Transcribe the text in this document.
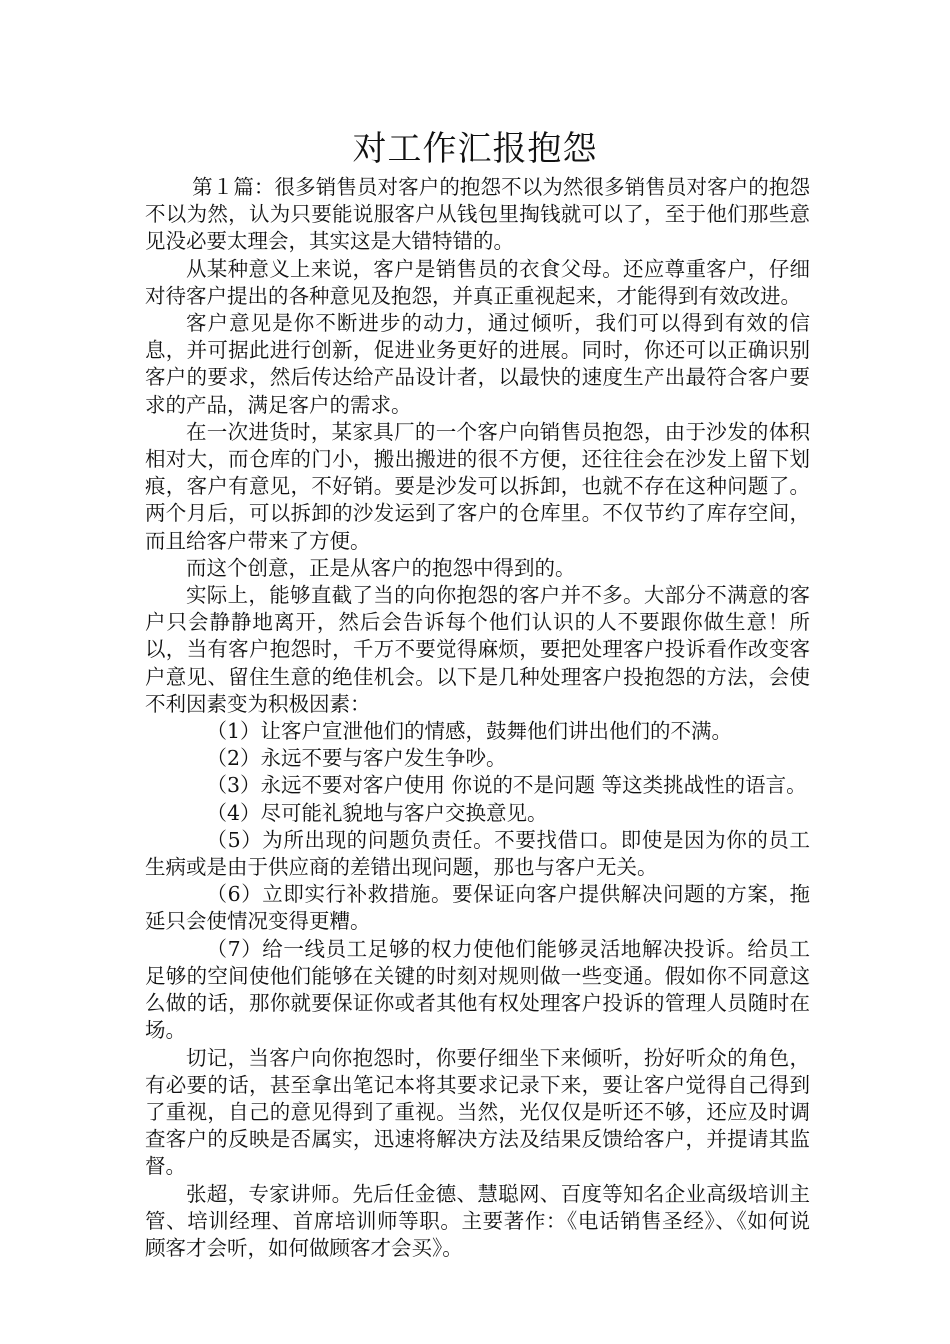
对工作汇报抱怨

第１篇：很多销售员对客户的抱怨不以为然很多销售员对客户的抱怨不以为然，认为只要能说服客户从钱包里掏钱就可以了，至于他们那些意见没必要太理会，其实这是大错特错的。

从某种意义上来说，客户是销售员的衣食父母。还应尊重客户，仔细对待客户提出的各种意见及抱怨，并真正重视起来，才能得到有效改进。

客户意见是你不断进步的动力，通过倾听，我们可以得到有效的信息，并可据此进行创新，促进业务更好的进展。同时，你还可以正确识别客户的要求，然后传达给产品设计者，以最快的速度生产出最符合客户要求的产品，满足客户的需求。

在一次进货时，某家具厂的一个客户向销售员抱怨，由于沙发的体积相对大，而仓库的门小，搬出搬进的很不方便，还往往会在沙发上留下划痕，客户有意见，不好销。要是沙发可以拆卸，也就不存在这种问题了。两个月后，可以拆卸的沙发运到了客户的仓库里。不仅节约了库存空间，而且给客户带来了方便。

而这个创意，正是从客户的抱怨中得到的。

实际上，能够直截了当的向你抱怨的客户并不多。大部分不满意的客户只会静静地离开，然后会告诉每个他们认识的人不要跟你做生意！所以，当有客户抱怨时，千万不要觉得麻烦，要把处理客户投诉看作改变客户意见、留住生意的绝佳机会。以下是几种处理客户投抱怨的方法，会使不利因素变为积极因素：

（1）让客户宣泄他们的情感，鼓舞他们讲出他们的不满。

（2）永远不要与客户发生争吵。

（3）永远不要对客户使用 你说的不是问题 等这类挑战性的语言。

（4）尽可能礼貌地与客户交换意见。

（5）为所出现的问题负责任。不要找借口。即使是因为你的员工生病或是由于供应商的差错出现问题，那也与客户无关。

（6）立即实行补救措施。要保证向客户提供解决问题的方案，拖延只会使情况变得更糟。

（7）给一线员工足够的权力使他们能够灵活地解决投诉。给员工足够的空间使他们能够在关键的时刻对规则做一些变通。假如你不同意这么做的话，那你就要保证你或者其他有权处理客户投诉的管理人员随时在场。

切记，当客户向你抱怨时，你要仔细坐下来倾听，扮好听众的角色，有必要的话，甚至拿出笔记本将其要求记录下来，要让客户觉得自己得到了重视，自己的意见得到了重视。当然，光仅仅是听还不够，还应及时调查客户的反映是否属实，迅速将解决方法及结果反馈给客户，并提请其监督。

张超，专家讲师。先后任金德、慧聪网、百度等知名企业高级培训主管、培训经理、首席培训师等职。主要著作：《电话销售圣经》、《如何说顾客才会听，如何做顾客才会买》。
